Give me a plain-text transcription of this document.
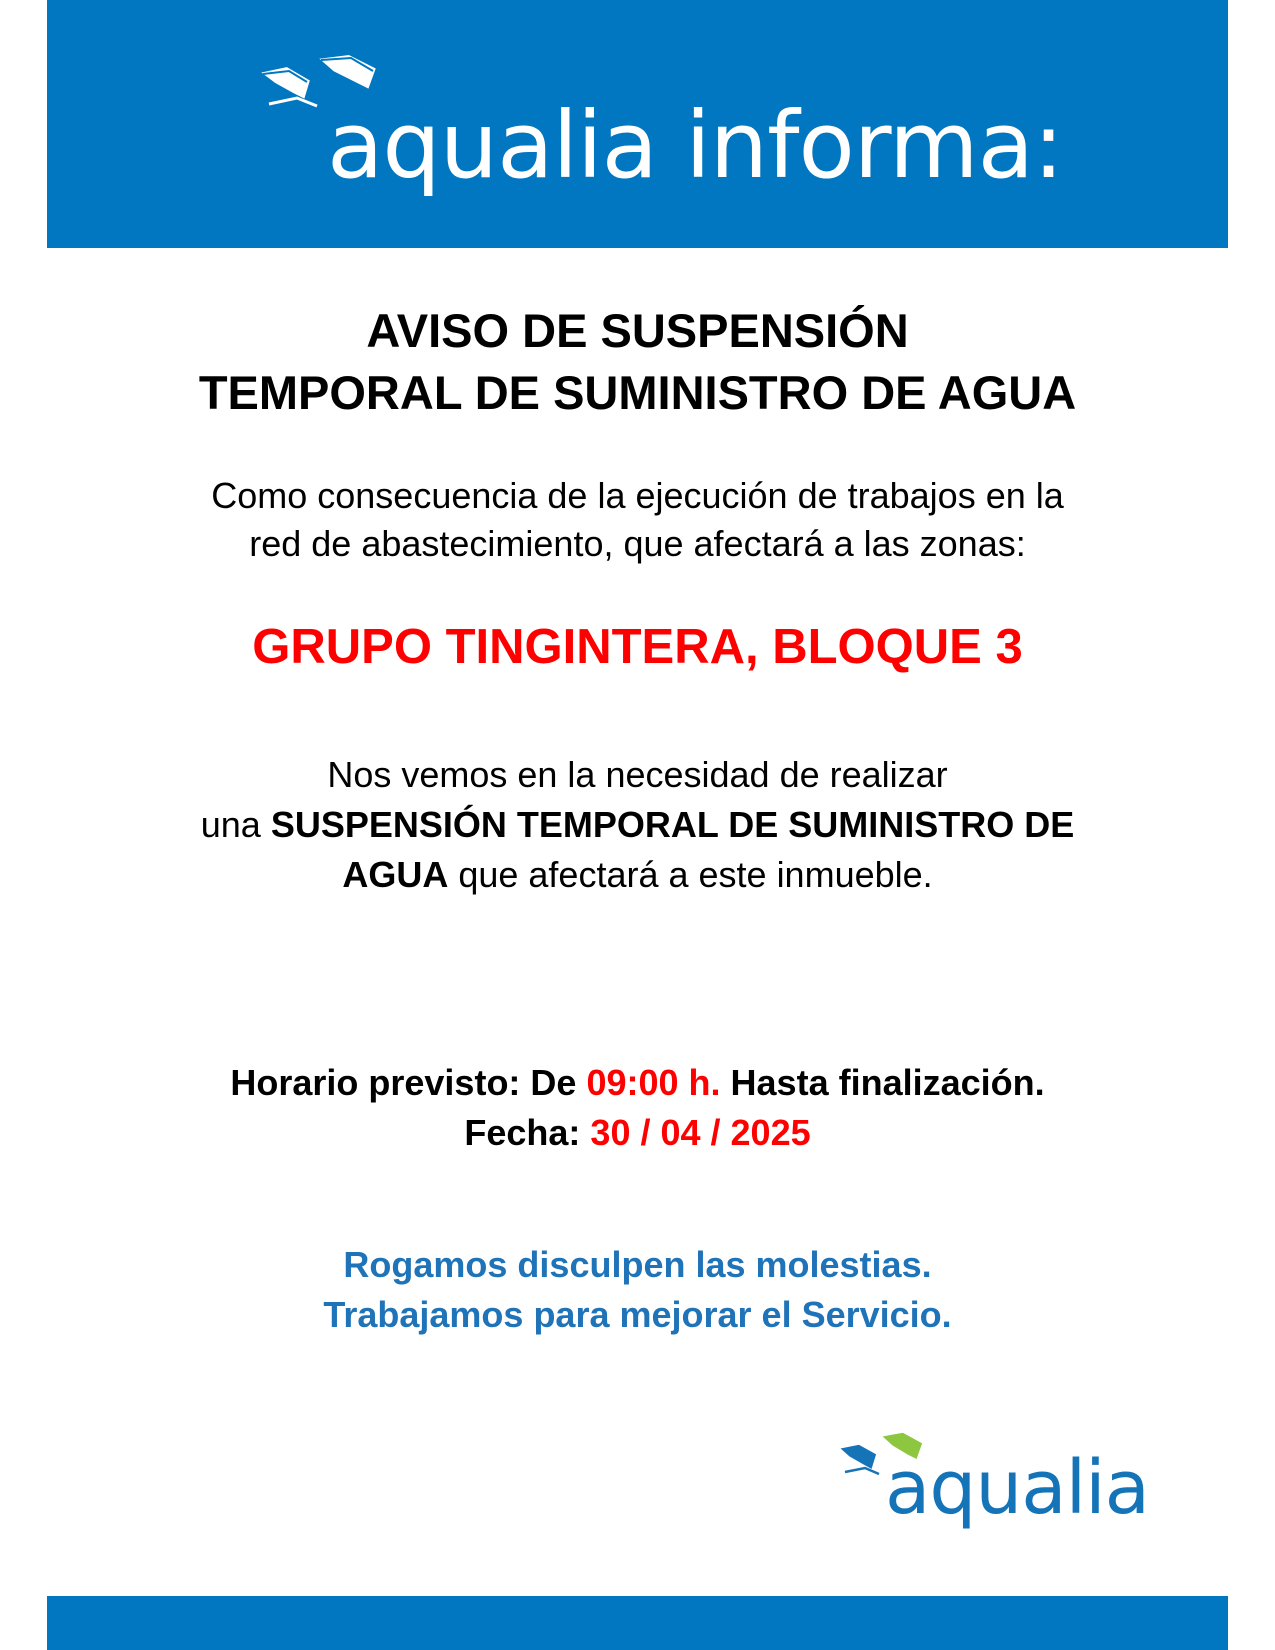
aqualia informa:
AVISO DE SUSPENSIÓN
TEMPORAL DE SUMINISTRO DE AGUA
Como consecuencia de la ejecución de trabajos en la
red de abastecimiento, que afectará a las zonas:
GRUPO TINGINTERA, BLOQUE 3
Nos vemos en la necesidad de realizar
una SUSPENSIÓN TEMPORAL DE SUMINISTRO DE
AGUA que afectará a este inmueble.
Horario previsto: De 09:00 h. Hasta finalización.
Fecha: 30 / 04 / 2025
Rogamos disculpen las molestias.
Trabajamos para mejorar el Servicio.
aqualia
